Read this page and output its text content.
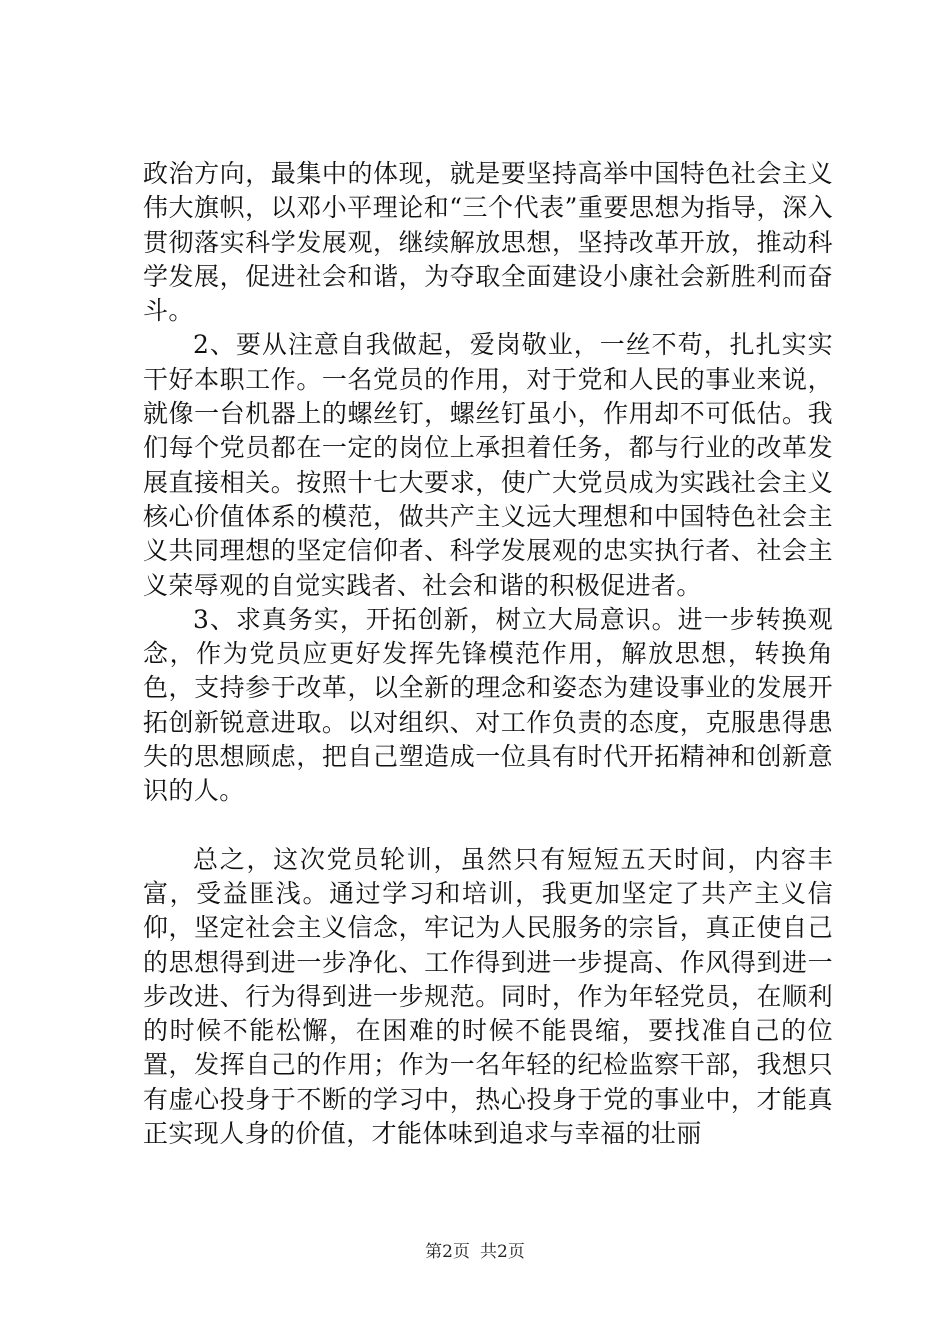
政治方向，最集中的体现，就是要坚持高举中国特色社会主义伟大旗帜，以邓小平理论和“三个代表”重要思想为指导，深入贯彻落实科学发展观，继续解放思想，坚持改革开放，推动科学发展，促进社会和谐，为夺取全面建设小康社会新胜利而奋斗。

2、要从注意自我做起，爱岗敬业，一丝不苟，扎扎实实干好本职工作。一名党员的作用，对于党和人民的事业来说，就像一台机器上的螺丝钉，螺丝钉虽小，作用却不可低估。我们每个党员都在一定的岗位上承担着任务，都与行业的改革发展直接相关。按照十七大要求，使广大党员成为实践社会主义核心价值体系的模范，做共产主义远大理想和中国特色社会主义共同理想的坚定信仰者、科学发展观的忠实执行者、社会主义荣辱观的自觉实践者、社会和谐的积极促进者。

3、求真务实，开拓创新，树立大局意识。进一步转换观念，作为党员应更好发挥先锋模范作用，解放思想，转换角色，支持参于改革，以全新的理念和姿态为建设事业的发展开拓创新锐意进取。以对组织、对工作负责的态度，克服患得患失的思想顾虑，把自己塑造成一位具有时代开拓精神和创新意识的人。

总之，这次党员轮训，虽然只有短短五天时间，内容丰富，受益匪浅。通过学习和培训，我更加坚定了共产主义信仰，坚定社会主义信念，牢记为人民服务的宗旨，真正使自己的思想得到进一步净化、工作得到进一步提高、作风得到进一步改进、行为得到进一步规范。同时，作为年轻党员，在顺利的时候不能松懈，在困难的时候不能畏缩，要找准自己的位置，发挥自己的作用；作为一名年轻的纪检监察干部，我想只有虚心投身于不断的学习中，热心投身于党的事业中，才能真正实现人身的价值，才能体味到追求与幸福的壮丽

第2页 共2页
